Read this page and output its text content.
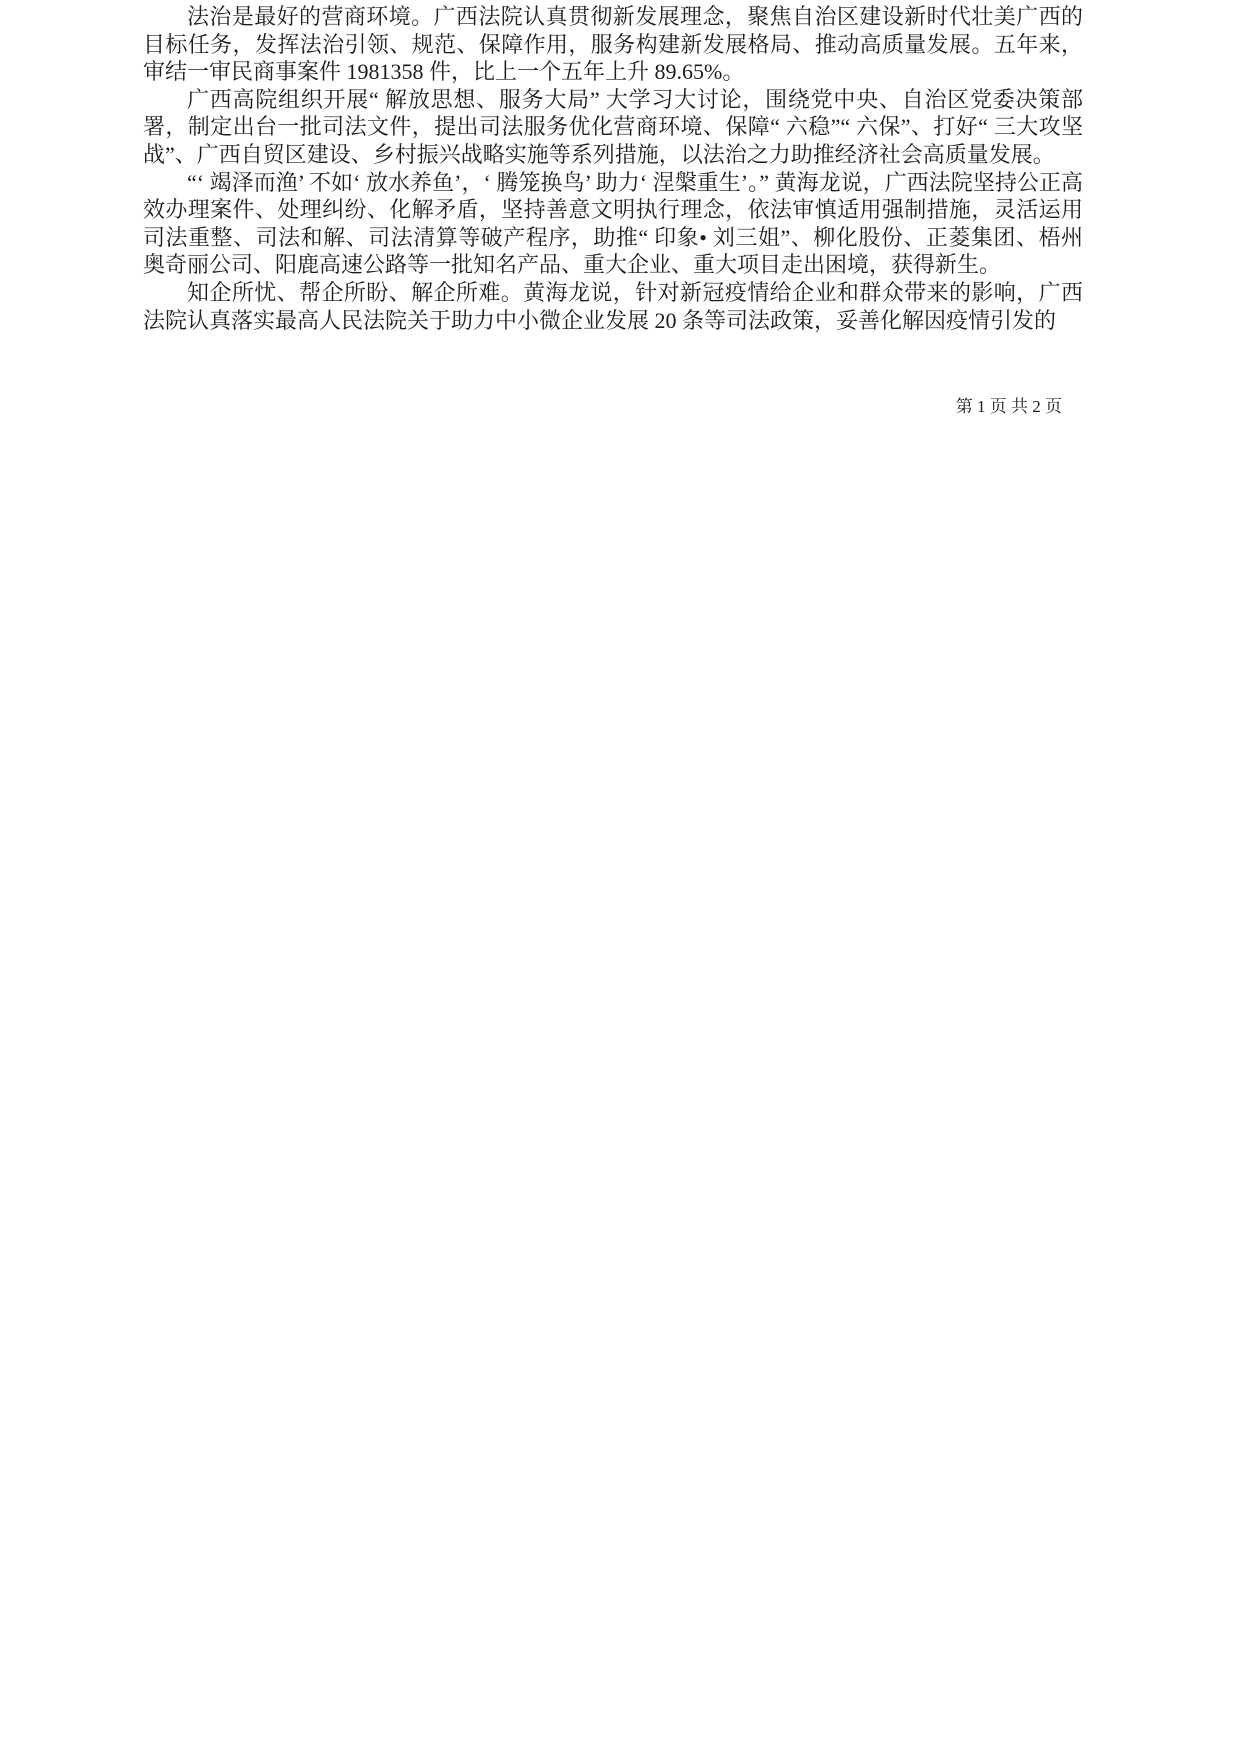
法治是最好的营商环境。广西法院认真贯彻新发展理念，聚焦自治区建设新时代壮美广西的目标任务，发挥法治引领、规范、保障作用，服务构建新发展格局、推动高质量发展。五年来，审结一审民商事案件 1981358 件，比上一个五年上升 89.65%。

广西高院组织开展“ 解放思想、服务大局” 大学习大讨论，围绕党中央、自治区党委决策部署，制定出台一批司法文件，提出司法服务优化营商环境、保障“ 六稳”“ 六保”、打好“ 三大攻坚战”、广西自贸区建设、乡村振兴战略实施等系列措施，以法治之力助推经济社会高质量发展。

“‘ 竭泽而渔’ 不如‘ 放水养鱼’，‘ 腾笼换鸟’ 助力‘ 涅槃重生’。” 黄海龙说，广西法院坚持公正高效办理案件、处理纠纷、化解矛盾，坚持善意文明执行理念，依法审慎适用强制措施，灵活运用司法重整、司法和解、司法清算等破产程序，助推“ 印象• 刘三姐”、柳化股份、正菱集团、梧州奥奇丽公司、阳鹿高速公路等一批知名产品、重大企业、重大项目走出困境，获得新生。

知企所忧、帮企所盼、解企所难。黄海龙说，针对新冠疫情给企业和群众带来的影响，广西法院认真落实最高人民法院关于助力中小微企业发展 20 条等司法政策，妥善化解因疫情引发的

第 1 页 共 2 页
